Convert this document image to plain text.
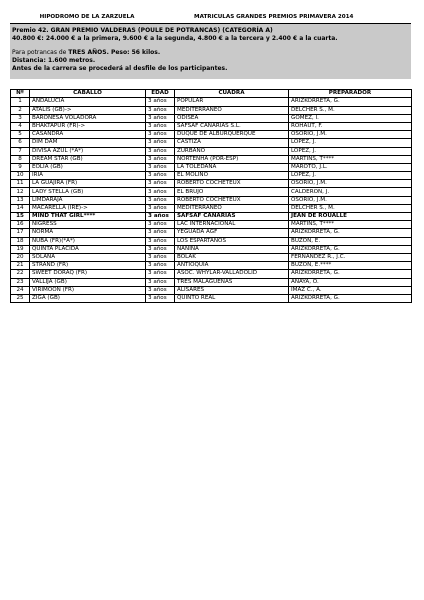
HIPODROMO DE LA ZARZUELA	MATRICULAS GRANDES PREMIOS PRIMAVERA 2014
Premio 42. GRAN PREMIO VALDERAS (POULE DE POTRANCAS) (CATEGORÍA A)
40.800 €: 24.000 € a la primera, 9.600 € a la segunda, 4.800 € a la tercera y 2.400 € a la cuarta.
Para potrancas de TRES AÑOS. Peso: 56 kilos.
Distancia: 1.600 metros.
Antes de la carrera se procederá al desfile de los participantes.
Nº	CABALLO	EDAD	CUADRA	PREPARADOR
1	ANDALUCIA	3 años	POPULAR	ARIZKORRETA, G.
2	ATALIS (GB)->	3 años	MEDITERRANEO	DELCHER S., M.
3	BARONESA VOLADORA	3 años	ODISEA	GOMEZ, I.
4	BHAKTAPUR (FR)->	3 años	SAFSAF CANARIAS S.L.	ROHAUT, F.
5	CASANDRA	3 años	DUQUE DE ALBURQUERQUE	OSORIO, J.M.
6	DIM DAM	3 años	CASTIZA	LOPEZ, J.
7	DIVISA AZUL (*A*)	3 años	ZURBANO	LOPEZ, J.
8	DREAM STAR (GB)	3 años	NORTENHA (POR-ESP)	MARTINS, T****
9	EOLIA (GB)	3 años	LA TOLEDANA	MAROTO, J.L.
10	IRIA	3 años	EL MOLINO	LOPEZ, J.
11	LA GUAJIRA (FR)	3 años	ROBERTO COCHETEUX	OSORIO, J.M.
12	LADY STELLA (GB)	3 años	EL BRUJO	CALDERON, J.
13	LIMDARAJA	3 años	ROBERTO COCHETEUX	OSORIO, J.M.
14	MACARELLA (IRE)->	3 años	MEDITERRANEO	DELCHER S., M.
15	MIND THAT GIRL****	3 años	SAFSAF CANARIAS	JEAN DE ROUALLE
16	NIGRESS	3 años	LAC INTERNACIONAL	MARTINS, T****
17	NORMA	3 años	YEGUADA AGF	ARIZKORRETA, G.
18	NUBA (FR)(*A*)	3 años	LOS ESPARTANOS	BUZON, E.
19	QUINTA PLACIDA	3 años	NANINA	ARIZKORRETA, G.
20	SOLANA	3 años	BOLAK	FERNANDEZ R., J.C.
21	STRAND (FR)	3 años	ANTIOQUIA	BUZON, E.****
22	SWEET DORAQ (FR)	3 años	ASOC. WHYLAR-VALLADOLID	ARIZKORRETA, G.
23	VALLIJA (GB)	3 años	TRES MALAGUEÑAS	ANAYA, O.
24	VIRIMOON (FR)	3 años	ALISARES	IMAZ C., A.
25	ZIGA (GB)	3 años	QUINTO REAL	ARIZKORRETA, G.
